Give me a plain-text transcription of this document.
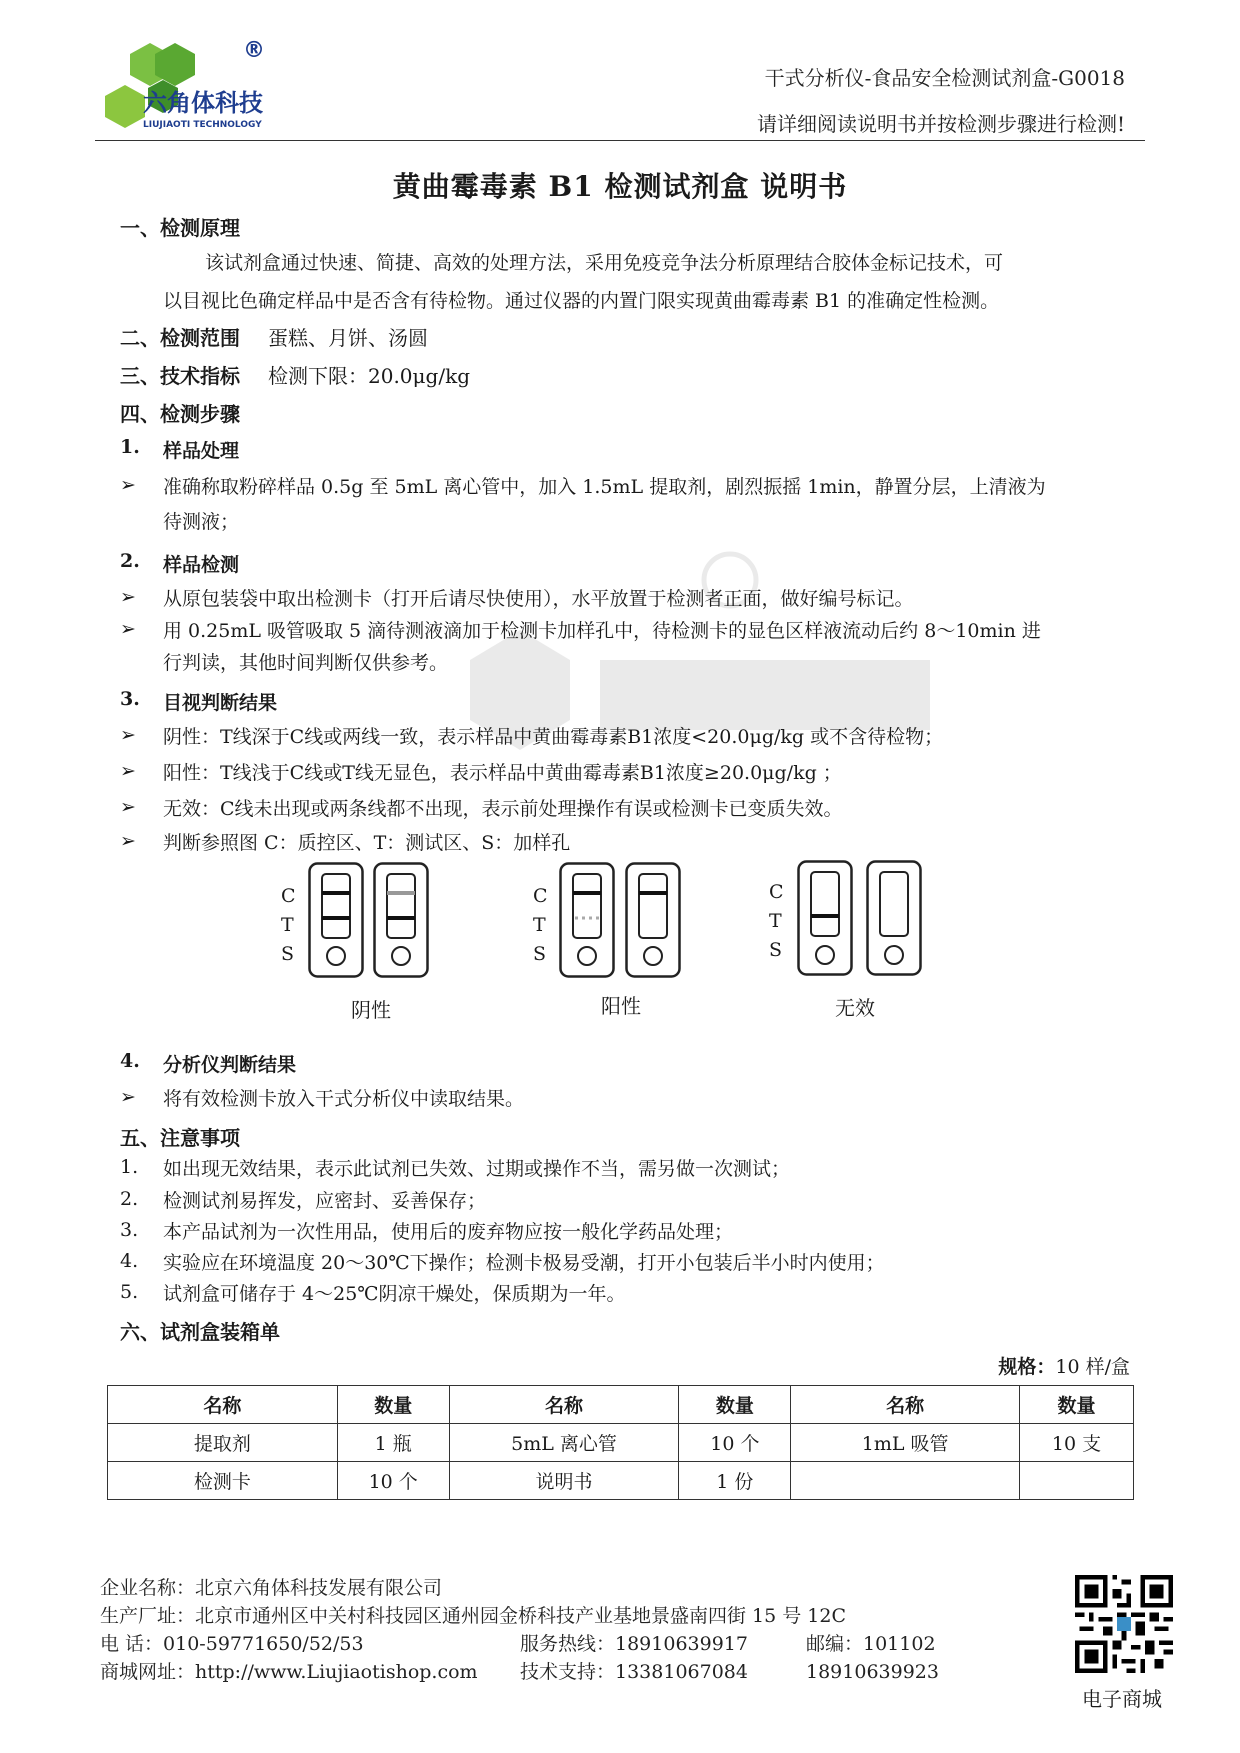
®
六角体科技
LIUJIAOTI TECHNOLOGY
干式分析仪-食品安全检测试剂盒-G0018
请详细阅读说明书并按检测步骤进行检测!
黄曲霉毒素 B1 检测试剂盒 说明书
一、检测原理
该试剂盒通过快速、简捷、高效的处理方法，采用免疫竞争法分析原理结合胶体金标记技术，可
以目视比色确定样品中是否含有待检物。通过仪器的内置门限实现黄曲霉毒素 B1 的准确定性检测。
二、检测范围 蛋糕、月饼、汤圆
三、技术指标 检测下限：20.0μg/kg
四、检测步骤
1. 样品处理
➢ 准确称取粉碎样品 0.5g 至 5mL 离心管中，加入 1.5mL 提取剂，剧烈振摇 1min，静置分层，上清液为
待测液；
2. 样品检测
➢ 从原包装袋中取出检测卡（打开后请尽快使用），水平放置于检测者正面，做好编号标记。
➢ 用 0.25mL 吸管吸取 5 滴待测液滴加于检测卡加样孔中，待检测卡的显色区样液流动后约 8～10min 进
行判读，其他时间判断仅供参考。
3. 目视判断结果
➢ 阴性：T线深于C线或两线一致，表示样品中黄曲霉毒素B1浓度<20.0μg/kg 或不含待检物；
➢ 阳性：T线浅于C线或T线无显色，表示样品中黄曲霉毒素B1浓度≥20.0μg/kg ；
➢ 无效：C线未出现或两条线都不出现，表示前处理操作有误或检测卡已变质失效。
➢ 判断参照图 C：质控区、T：测试区、S：加样孔
C
T
S
C
T
S
C
T
S
阴性	阳性	无效
4. 分析仪判断结果
➢ 将有效检测卡放入干式分析仪中读取结果。
五、注意事项
1. 如出现无效结果，表示此试剂已失效、过期或操作不当，需另做一次测试；
2. 检测试剂易挥发，应密封、妥善保存；
3. 本产品试剂为一次性用品，使用后的废弃物应按一般化学药品处理；
4. 实验应在环境温度 20～30℃下操作；检测卡极易受潮，打开小包装后半小时内使用；
5. 试剂盒可储存于 4～25℃阴凉干燥处，保质期为一年。
六、试剂盒装箱单
规格：10 样/盒
名称	数量	名称	数量	名称	数量
提取剂	1 瓶	5mL 离心管	10 个	1mL 吸管	10 支
检测卡	10 个	说明书	1 份		
企业名称：北京六角体科技发展有限公司
生产厂址：北京市通州区中关村科技园区通州园金桥科技产业基地景盛南四街 15 号 12C
电 话：010-59771650/52/53	服务热线：18910639917	邮编：101102
商城网址：http://www.Liujiaotishop.com 技术支持：13381067084	18910639923
电子商城
